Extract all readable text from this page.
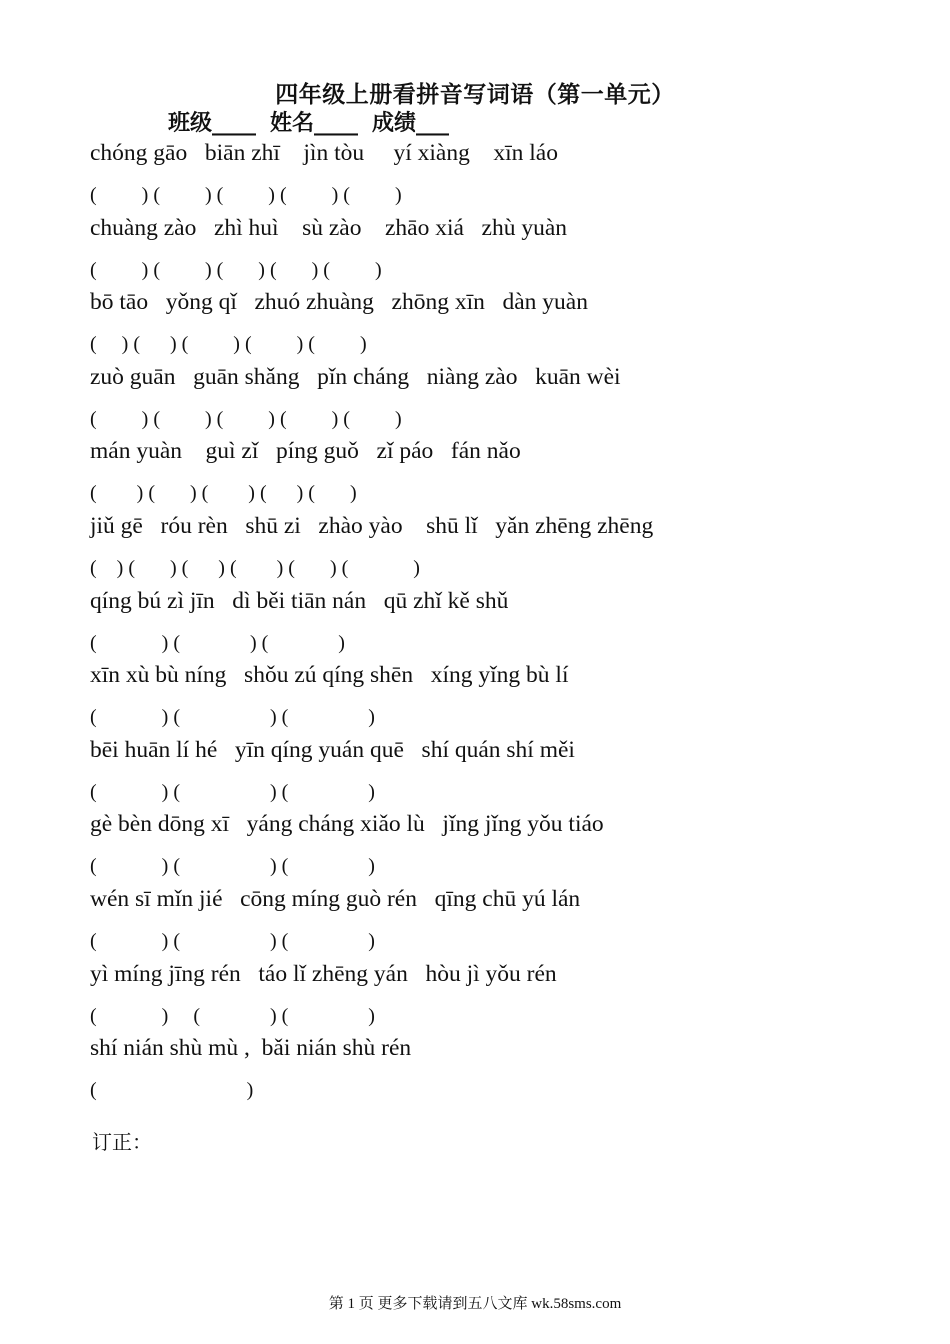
四年级上册看拼音写词语（第一单元）
班级____ 姓名____ 成绩___
chóng gāo   biān zhī    jìn tòu     yí xiàng    xīn láo
(         ) (         ) (         ) (         ) (         )
chuàng zào   zhì huì    sù zào    zhāo xiá   zhù yuàn
(         ) (         ) (       ) (       ) (         )
bō tāo   yǒng qǐ   zhuó zhuàng   zhōng xīn   dàn yuàn
(     ) (      ) (         ) (         ) (         )
zuò guān   guān shǎng   pǐn cháng   niàng zào   kuān wèi
(         ) (         ) (         ) (         ) (         )
mán yuàn    guì zǐ   píng guǒ   zǐ páo   fán nǎo
(        ) (       ) (        ) (      ) (       )
jiǔ gē   róu rèn   shū zi   zhào yào    shū lǐ   yǎn zhēng zhēng
(    ) (       ) (      ) (        ) (       ) (             )
qíng bú zì jīn   dì běi tiān nán   qū zhǐ kě shǔ
(             ) (              ) (              )
xīn xù bù níng   shǒu zú qíng shēn   xíng yǐng bù lí
(             ) (                  ) (                )
bēi huān lí hé   yīn qíng yuán quē   shí quán shí měi
(             ) (                  ) (                )
gè bèn dōng xī   yáng cháng xiǎo lù   jǐng jǐng yǒu tiáo
(             ) (                  ) (                )
wén sī mǐn jié   cōng míng guò rén   qīng chū yú lán
(             ) (                  ) (                )
yì míng jīng rén   táo lǐ zhēng yán   hòu jì yǒu rén
(             )     (              ) (                )
shí nián shù mù ,  bǎi nián shù rén
(                              )
订正：
第 1 页 更多下载请到五八文库 wk.58sms.com
